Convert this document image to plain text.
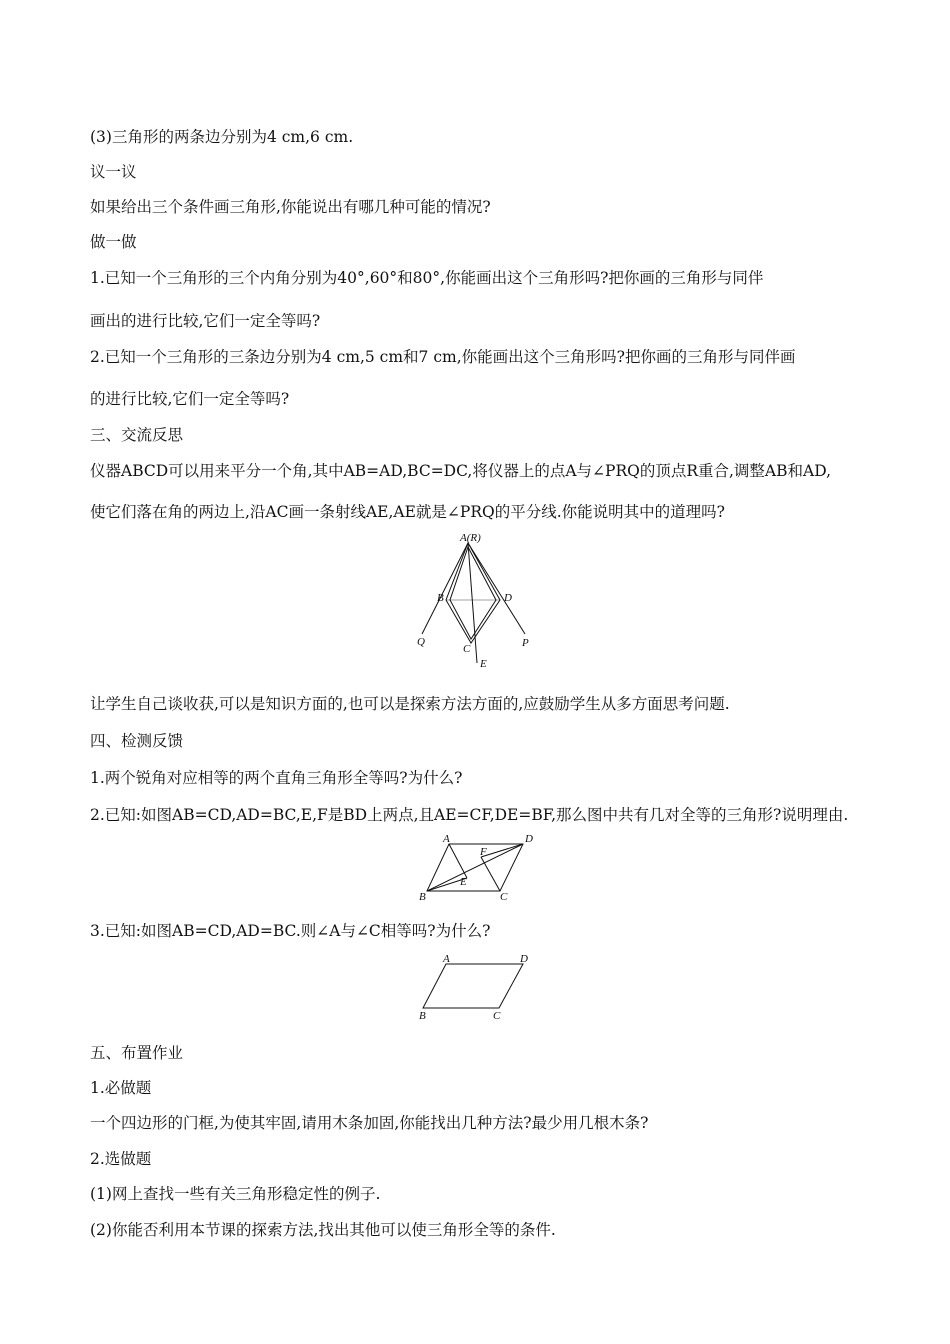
(3)三角形的两条边分别为4 cm,6 cm.
议一议
如果给出三个条件画三角形,你能说出有哪几种可能的情况?
做一做
1.已知一个三角形的三个内角分别为40°,60°和80°,你能画出这个三角形吗?把你画的三角形与同伴
画出的进行比较,它们一定全等吗?
2.已知一个三角形的三条边分别为4 cm,5 cm和7 cm,你能画出这个三角形吗?把你画的三角形与同伴画
的进行比较,它们一定全等吗?
三、交流反思
仪器ABCD可以用来平分一个角,其中AB=AD,BC=DC,将仪器上的点A与∠PRQ的顶点R重合,调整AB和AD,
使它们落在角的两边上,沿AC画一条射线AE,AE就是∠PRQ的平分线.你能说明其中的道理吗?
A(R)
B	D
C
Q	P
E
让学生自己谈收获,可以是知识方面的,也可以是探索方法方面的,应鼓励学生从多方面思考问题.
四、检测反馈
1.两个锐角对应相等的两个直角三角形全等吗?为什么?
2.已知:如图AB=CD,AD=BC,E,F是BD上两点,且AE=CF,DE=BF,那么图中共有几对全等的三角形?说明理由.
A	D
F
E
B	C
3.已知:如图AB=CD,AD=BC.则∠A与∠C相等吗?为什么?
A	D
B	C
五、布置作业
1.必做题
一个四边形的门框,为使其牢固,请用木条加固,你能找出几种方法?最少用几根木条?
2.选做题
(1)网上查找一些有关三角形稳定性的例子.
(2)你能否利用本节课的探索方法,找出其他可以使三角形全等的条件.
